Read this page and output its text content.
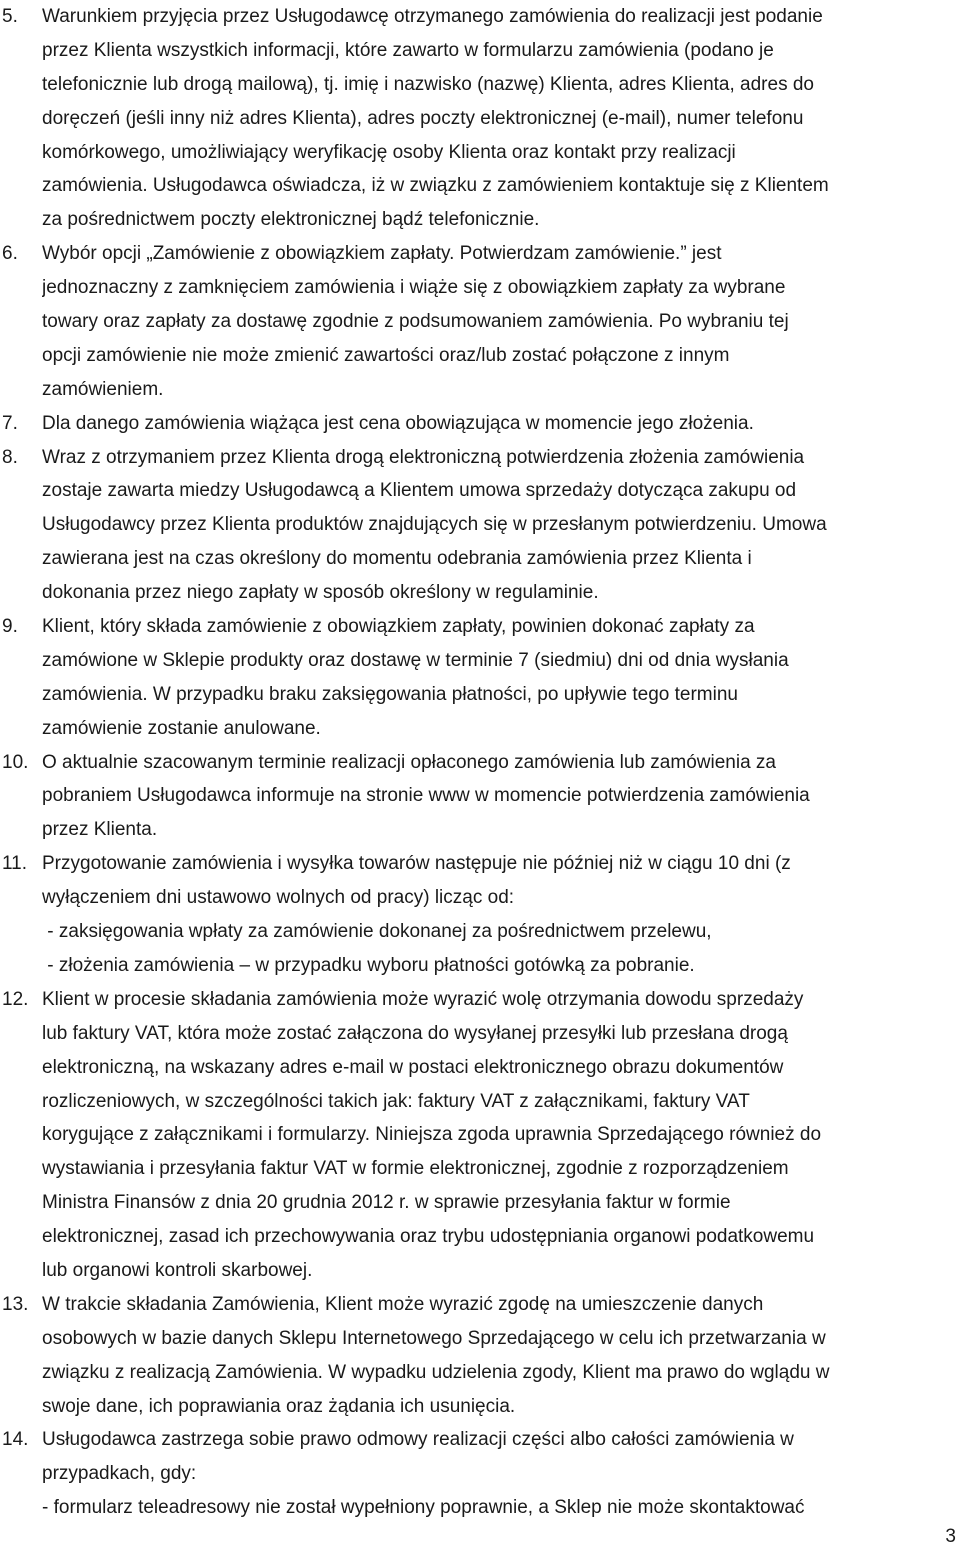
5. Warunkiem przyjęcia przez Usługodawcę otrzymanego zamówienia do realizacji jest podanie
przez Klienta wszystkich informacji, które zawarto w formularzu zamówienia (podano je
telefonicznie lub drogą mailową), tj. imię i nazwisko (nazwę) Klienta, adres Klienta, adres do
doręczeń (jeśli inny niż adres Klienta), adres poczty elektronicznej (e-mail), numer telefonu
komórkowego, umożliwiający weryfikację osoby Klienta oraz kontakt przy realizacji
zamówienia. Usługodawca oświadcza, iż w związku z zamówieniem kontaktuje się z Klientem
za pośrednictwem poczty elektronicznej bądź telefonicznie.
6. Wybór opcji „Zamówienie z obowiązkiem zapłaty. Potwierdzam zamówienie.” jest
jednoznaczny z zamknięciem zamówienia i wiąże się z obowiązkiem zapłaty za wybrane
towary oraz zapłaty za dostawę zgodnie z podsumowaniem zamówienia. Po wybraniu tej
opcji zamówienie nie może zmienić zawartości oraz/lub zostać połączone z innym
zamówieniem.
7. Dla danego zamówienia wiążąca jest cena obowiązująca w momencie jego złożenia.
8. Wraz z otrzymaniem przez Klienta drogą elektroniczną potwierdzenia złożenia zamówienia
zostaje zawarta miedzy Usługodawcą a Klientem umowa sprzedaży dotycząca zakupu od
Usługodawcy przez Klienta produktów znajdujących się w przesłanym potwierdzeniu. Umowa
zawierana jest na czas określony do momentu odebrania zamówienia przez Klienta i
dokonania przez niego zapłaty w sposób określony w regulaminie.
9. Klient, który składa zamówienie z obowiązkiem zapłaty, powinien dokonać zapłaty za
zamówione w Sklepie produkty oraz dostawę w terminie 7 (siedmiu) dni od dnia wysłania
zamówienia. W przypadku braku zaksięgowania płatności, po upływie tego terminu
zamówienie zostanie anulowane.
10. O aktualnie szacowanym terminie realizacji opłaconego zamówienia lub zamówienia za
pobraniem Usługodawca informuje na stronie www w momencie potwierdzenia zamówienia
przez Klienta.
11. Przygotowanie zamówienia i wysyłka towarów następuje nie później niż w ciągu 10 dni (z
wyłączeniem dni ustawowo wolnych od pracy) licząc od:
- zaksięgowania wpłaty za zamówienie dokonanej za pośrednictwem przelewu,
- złożenia zamówienia – w przypadku wyboru płatności gotówką za pobranie.
12. Klient w procesie składania zamówienia może wyrazić wolę otrzymania dowodu sprzedaży
lub faktury VAT, która może zostać załączona do wysyłanej przesyłki lub przesłana drogą
elektroniczną, na wskazany adres e-mail w postaci elektronicznego obrazu dokumentów
rozliczeniowych, w szczególności takich jak: faktury VAT z załącznikami, faktury VAT
korygujące z załącznikami i formularzy. Niniejsza zgoda uprawnia Sprzedającego również do
wystawiania i przesyłania faktur VAT w formie elektronicznej, zgodnie z rozporządzeniem
Ministra Finansów z dnia 20 grudnia 2012 r. w sprawie przesyłania faktur w formie
elektronicznej, zasad ich przechowywania oraz trybu udostępniania organowi podatkowemu
lub organowi kontroli skarbowej.
13. W trakcie składania Zamówienia, Klient może wyrazić zgodę na umieszczenie danych
osobowych w bazie danych Sklepu Internetowego Sprzedającego w celu ich przetwarzania w
związku z realizacją Zamówienia. W wypadku udzielenia zgody, Klient ma prawo do wglądu w
swoje dane, ich poprawiania oraz żądania ich usunięcia.
14. Usługodawca zastrzega sobie prawo odmowy realizacji części albo całości zamówienia w
przypadkach, gdy:
- formularz teleadresowy nie został wypełniony poprawnie, a Sklep nie może skontaktować
3
